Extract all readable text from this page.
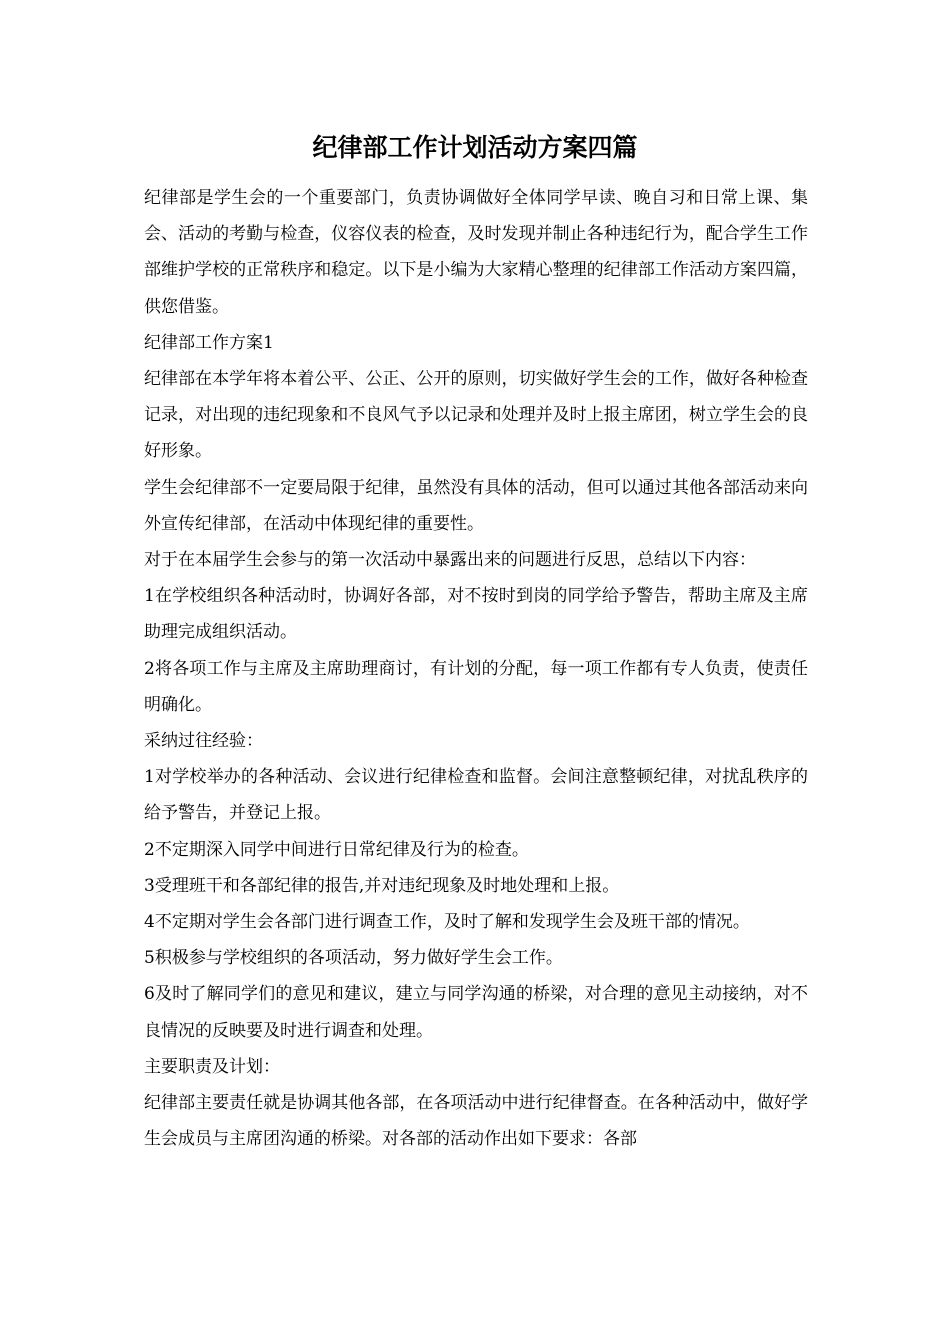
纪律部工作计划活动方案四篇

纪律部是学生会的一个重要部门，负责协调做好全体同学早读、晚自习和日常上课、集会、活动的考勤与检查，仪容仪表的检查，及时发现并制止各种违纪行为，配合学生工作部维护学校的正常秩序和稳定。以下是小编为大家精心整理的纪律部工作活动方案四篇，供您借鉴。

纪律部工作方案1

纪律部在本学年将本着公平、公正、公开的原则，切实做好学生会的工作，做好各种检查记录，对出现的违纪现象和不良风气予以记录和处理并及时上报主席团，树立学生会的良好形象。

学生会纪律部不一定要局限于纪律，虽然没有具体的活动，但可以通过其他各部活动来向外宣传纪律部，在活动中体现纪律的重要性。

对于在本届学生会参与的第一次活动中暴露出来的问题进行反思，总结以下内容：

1在学校组织各种活动时，协调好各部，对不按时到岗的同学给予警告，帮助主席及主席助理完成组织活动。

2将各项工作与主席及主席助理商讨，有计划的分配，每一项工作都有专人负责，使责任明确化。

采纳过往经验：

1对学校举办的各种活动、会议进行纪律检查和监督。会间注意整顿纪律，对扰乱秩序的给予警告，并登记上报。

2不定期深入同学中间进行日常纪律及行为的检查。

3受理班干和各部纪律的报告,并对违纪现象及时地处理和上报。

4不定期对学生会各部门进行调查工作，及时了解和发现学生会及班干部的情况。

5积极参与学校组织的各项活动，努力做好学生会工作。

6及时了解同学们的意见和建议，建立与同学沟通的桥梁，对合理的意见主动接纳，对不良情况的反映要及时进行调查和处理。

主要职责及计划：

纪律部主要责任就是协调其他各部，在各项活动中进行纪律督查。在各种活动中，做好学生会成员与主席团沟通的桥梁。对各部的活动作出如下要求：各部
